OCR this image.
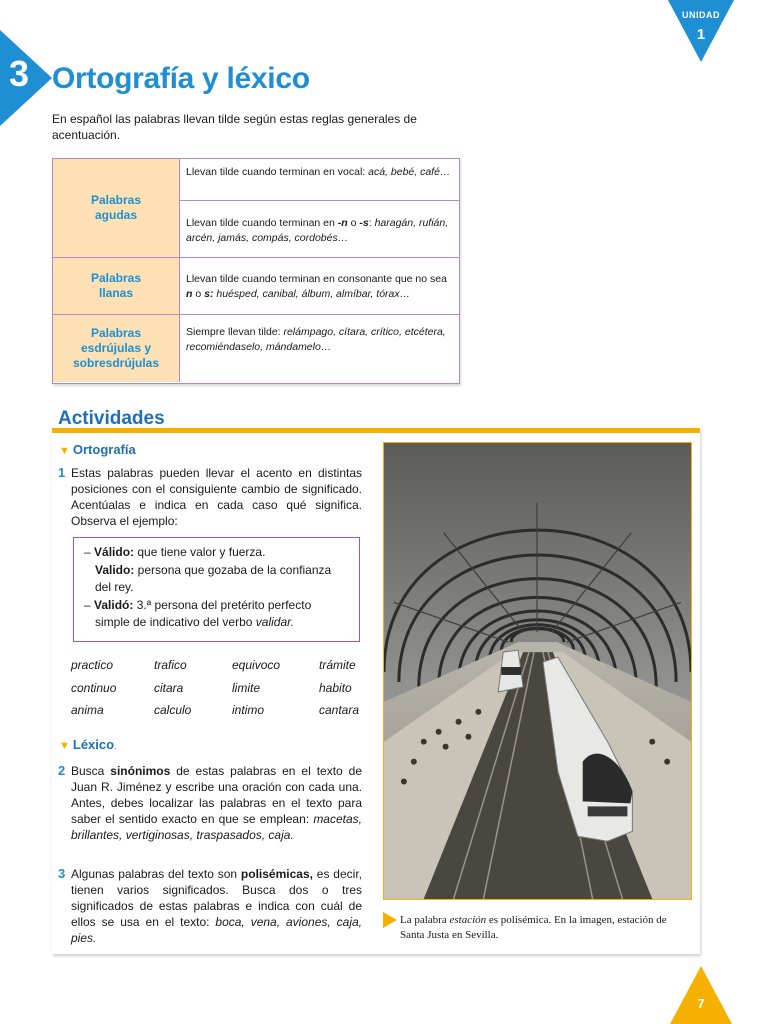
UNIDAD
1
3 Ortografía y léxico
En español las palabras llevan tilde según estas reglas generales de acentuación.
Palabras agudas
Llevan tilde cuando terminan en vocal: acá, bebé, café…
Llevan tilde cuando terminan en -n o -s: haragán, rufián, arcén, jamás, compás, cordobés…
Palabras llanas
Llevan tilde cuando terminan en consonante que no sea n o s: huésped, canibal, álbum, almíbar, tórax…
Palabras esdrújulas y sobresdrújulas
Siempre llevan tilde: relámpago, cítara, crítico, etcétera, recomiéndaselo, mándamelo…
Actividades
▼ Ortografía
1 Estas palabras pueden llevar el acento en distintas posiciones con el consiguiente cambio de significado. Acentúalas e indica en cada caso qué significa. Observa el ejemplo:
– Válido: que tiene valor y fuerza.
Valido: persona que gozaba de la confianza del rey.
– Validó: 3.ª persona del pretérito perfecto simple de indicativo del verbo validar.
practico	trafico	equivoco	trámite
continuo	citara	limite	habito
anima	calculo	intimo	cantara
▼ Léxico.
2 Busca sinónimos de estas palabras en el texto de Juan R. Jiménez y escribe una oración con cada una. Antes, debes localizar las palabras en el texto para saber el sentido exacto en que se emplean: macetas, brillantes, vertiginosas, traspasados, caja.
3 Algunas palabras del texto son polisémicas, es decir, tienen varios significados. Busca dos o tres significados de estas palabras e indica con cuál de ellos se usa en el texto: boca, vena, aviones, caja, pies.
La palabra estación es polisémica. En la imagen, estación de Santa Justa en Sevilla.
7
